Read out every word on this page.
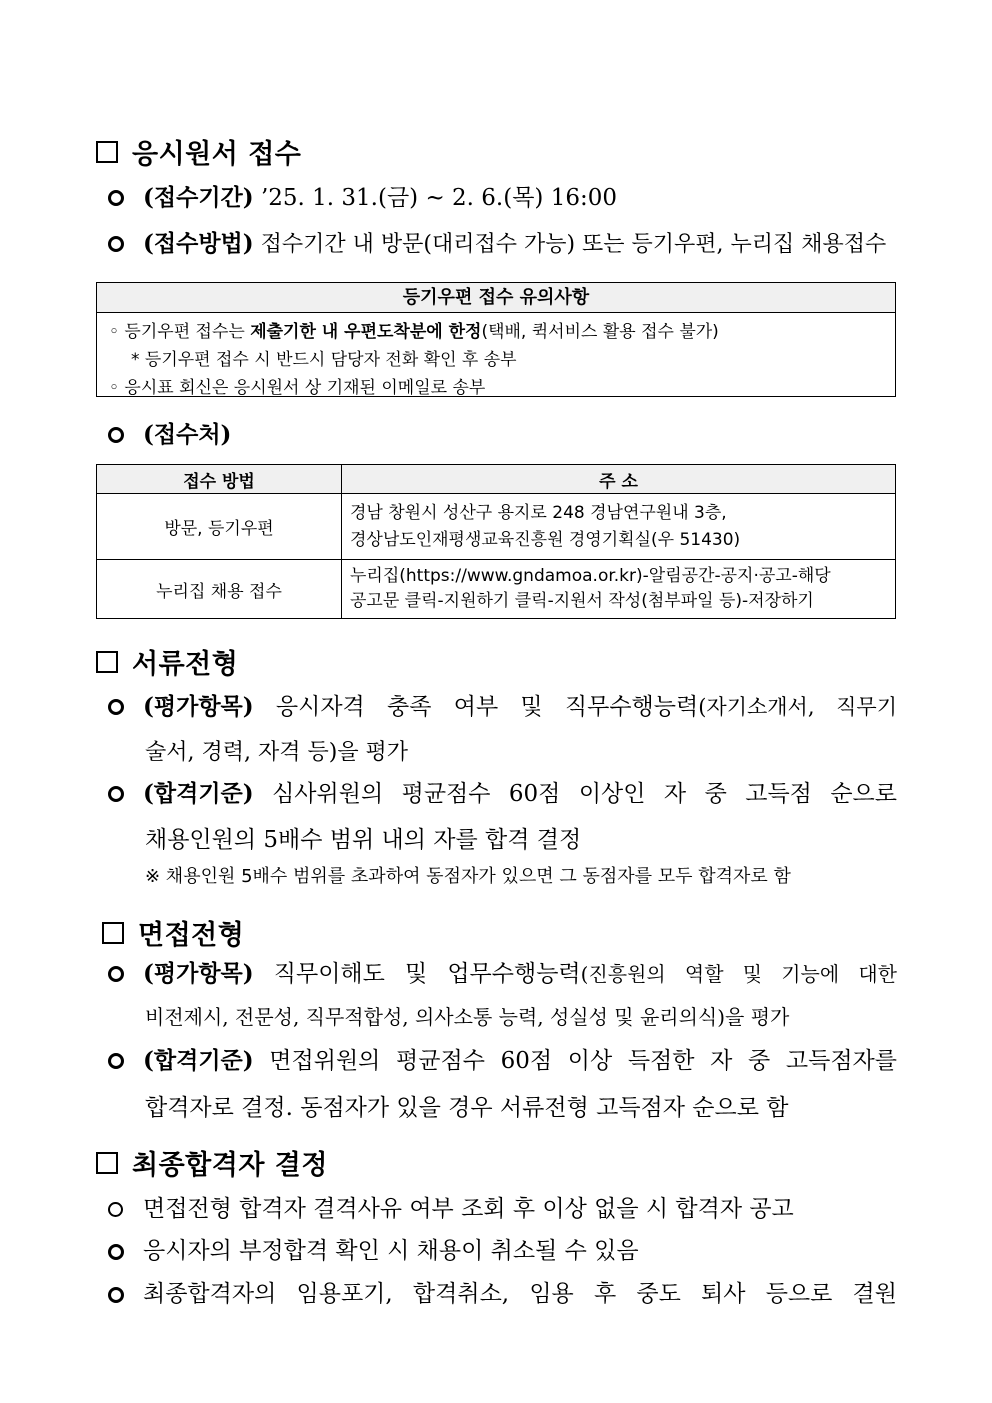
응시원서 접수
(접수기간) ’25. 1. 31.(금) ~ 2. 6.(목) 16:00
(접수방법) 접수기간 내 방문(대리접수 가능) 또는 등기우편, 누리집 채용접수
등기우편 접수 유의사항
◦ 등기우편 접수는 제출기한 내 우편도착분에 한정(택배, 퀵서비스 활용 접수 불가)
* 등기우편 접수 시 반드시 담당자 전화 확인 후 송부
◦ 응시표 회신은 응시원서 상 기재된 이메일로 송부
(접수처)
접수 방법	주 소
방문, 등기우편	경남 창원시 성산구 용지로 248 경남연구원내 3층,
경상남도인재평생교육진흥원 경영기획실(우 51430)

누리집 채용 접수	누리집(https://www.gndamoa.or.kr)-알림공간-공지·공고-해당
공고문 클릭-지원하기 클릭-지원서 작성(첨부파일 등)-저장하기
서류전형
(평가항목) 응시자격 충족 여부 및 직무수행능력(자기소개서, 직무기
술서, 경력, 자격 등)을 평가
(합격기준) 심사위원의 평균점수 60점 이상인 자 중 고득점 순으로
채용인원의 5배수 범위 내의 자를 합격 결정
※ 채용인원 5배수 범위를 초과하여 동점자가 있으면 그 동점자를 모두 합격자로 함
면접전형
(평가항목) 직무이해도 및 업무수행능력(진흥원의 역할 및 기능에 대한
비전제시, 전문성, 직무적합성, 의사소통 능력, 성실성 및 윤리의식)을 평가
(합격기준) 면접위원의 평균점수 60점 이상 득점한 자 중 고득점자를
합격자로 결정. 동점자가 있을 경우 서류전형 고득점자 순으로 함
최종합격자 결정
면접전형 합격자 결격사유 여부 조회 후 이상 없을 시 합격자 공고
응시자의 부정합격 확인 시 채용이 취소될 수 있음
최종합격자의 임용포기, 합격취소, 임용 후 중도 퇴사 등으로 결원
